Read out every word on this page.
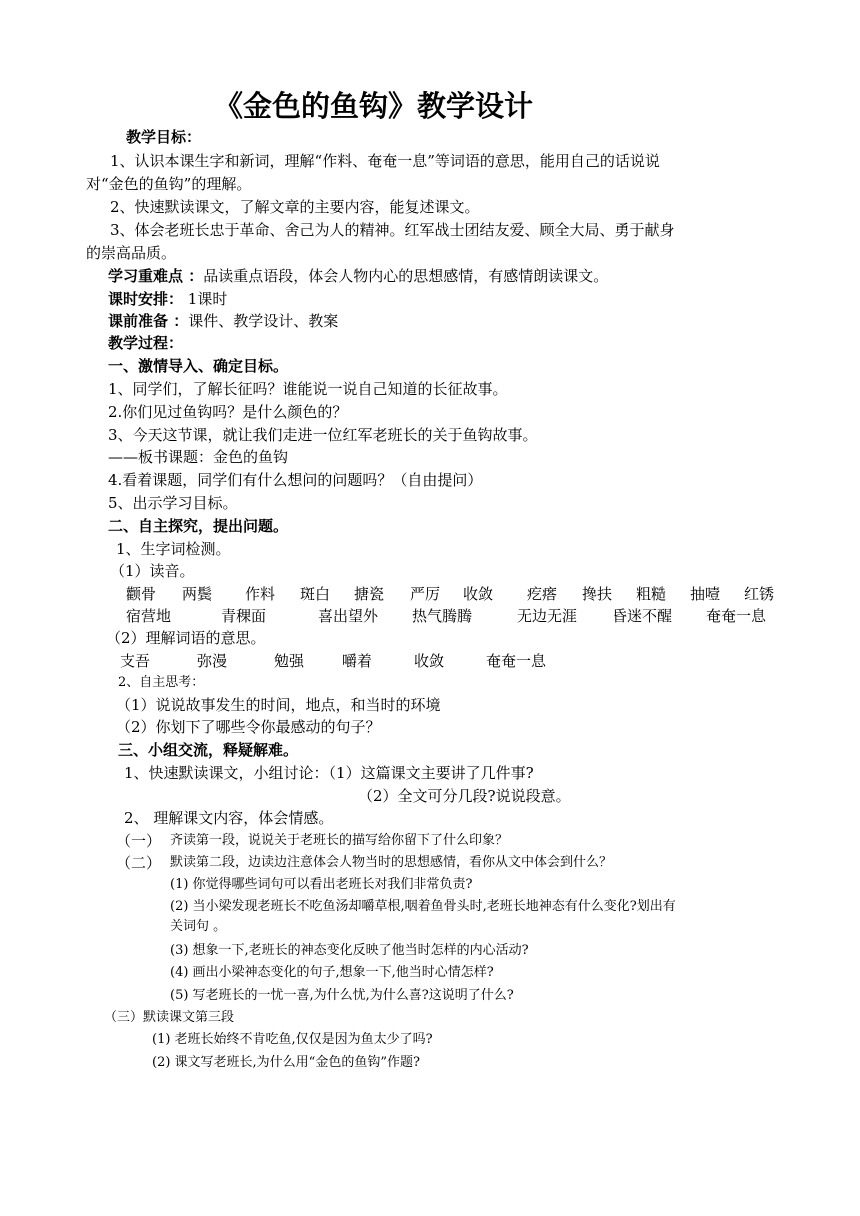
《金色的鱼钩》教学设计
教学目标：
1、认识本课生字和新词，理解“作料、奄奄一息”等词语的意思，能用自己的话说说
对“金色的鱼钩”的理解。
2、快速默读课文，了解文章的主要内容，能复述课文。
3、体会老班长忠于革命、舍己为人的精神。红军战士团结友爱、顾全大局、勇于献身
的崇高品质。
学习重难点 ：品读重点语段，体会人物内心的思想感情，有感情朗读课文。
课时安排： 1课时
课前准备 ：课件、教学设计、教案
教学过程：
一、激情导入、确定目标。
1、同学们，了解长征吗？谁能说一说自己知道的长征故事。
2.你们见过鱼钩吗？是什么颜色的？
3、今天这节课，就让我们走进一位红军老班长的关于鱼钩故事。
——板书课题：金色的鱼钩
4.看着课题，同学们有什么想问的问题吗？（自由提问）
5、出示学习目标。
二、自主探究，提出问题。
1、生字词检测。
（1）读音。
颧骨 两鬓 作料 斑白 搪瓷 严厉 收敛 疙瘩 搀扶 粗糙 抽噎 红锈
宿营地	青稞面	喜出望外 热气腾腾	无边无涯 昏迷不醒 奄奄一息
（2）理解词语的意思。
支吾	弥漫	勉强	嚼着	收敛	奄奄一息
2、自主思考：
（1）说说故事发生的时间，地点，和当时的环境
（2）你划下了哪些令你最感动的句子？
三、小组交流，释疑解难。
1、快速默读课文，小组讨论：（1）这篇课文主要讲了几件事?
（2）全文可分几段?说说段意。
2、 理解课文内容，体会情感。
（一） 齐读第一段，说说关于老班长的描写给你留下了什么印象？
（二） 默读第二段，边读边注意体会人物当时的思想感情，看你从文中体会到什么？
(1) 你觉得哪些词句可以看出老班长对我们非常负责?
(2) 当小梁发现老班长不吃鱼汤却嚼草根,咽着鱼骨头时,老班长地神态有什么变化?划出有
关词句 。
(3) 想象一下,老班长的神态变化反映了他当时怎样的内心活动?
(4) 画出小梁神态变化的句子,想象一下,他当时心情怎样?
(5) 写老班长的一忧一喜,为什么忧,为什么喜?这说明了什么?
（三）默读课文第三段
(1) 老班长始终不肯吃鱼,仅仅是因为鱼太少了吗?
(2) 课文写老班长,为什么用“金色的鱼钩”作题?
